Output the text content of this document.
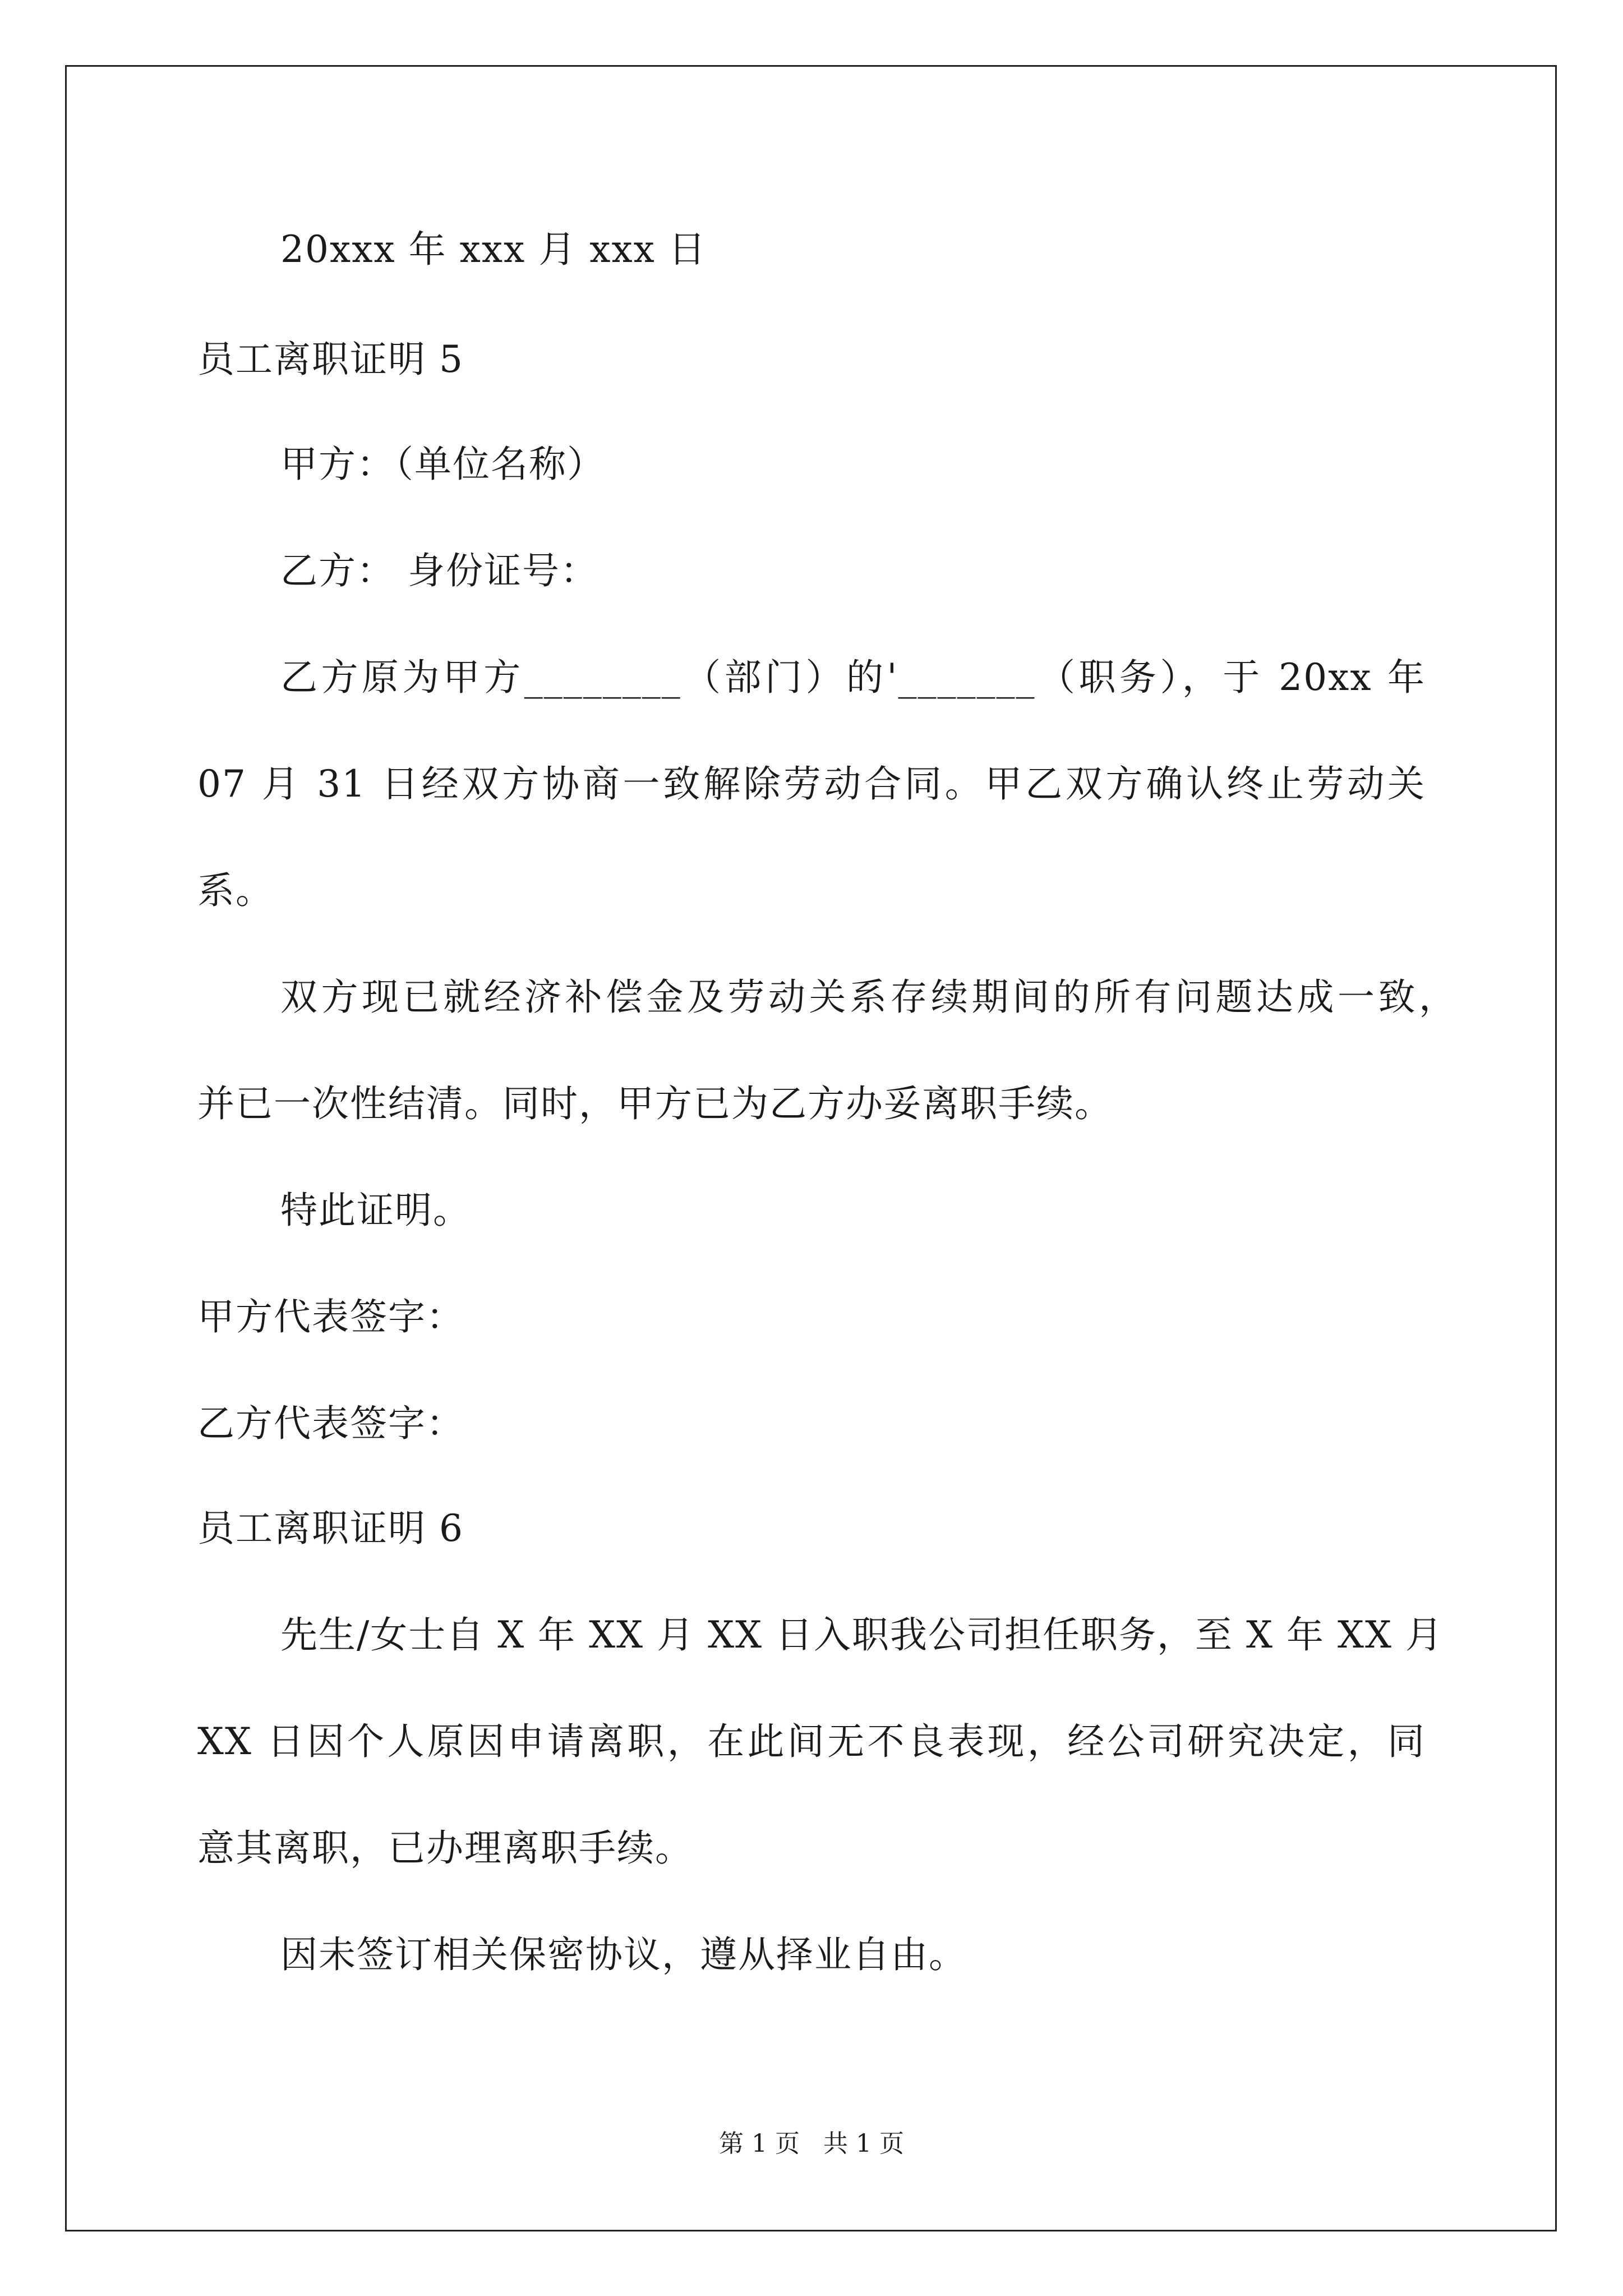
20xxx 年 xxx 月 xxx 日
员工离职证明 5
甲方：（单位名称）
乙方： 身份证号：
乙方原为甲方________（部门）的'_______（职务），于 20xx 年
07 月 31 日经双方协商一致解除劳动合同。甲乙双方确认终止劳动关
系。
双方现已就经济补偿金及劳动关系存续期间的所有问题达成一致，
并已一次性结清。同时，甲方已为乙方办妥离职手续。
特此证明。
甲方代表签字：
乙方代表签字：
员工离职证明 6
先生/女士自 X 年 XX 月 XX 日入职我公司担任职务，至 X 年 XX 月
XX 日因个人原因申请离职，在此间无不良表现，经公司研究决定，同
意其离职，已办理离职手续。
因未签订相关保密协议，遵从择业自由。
第 1 页   共 1 页
